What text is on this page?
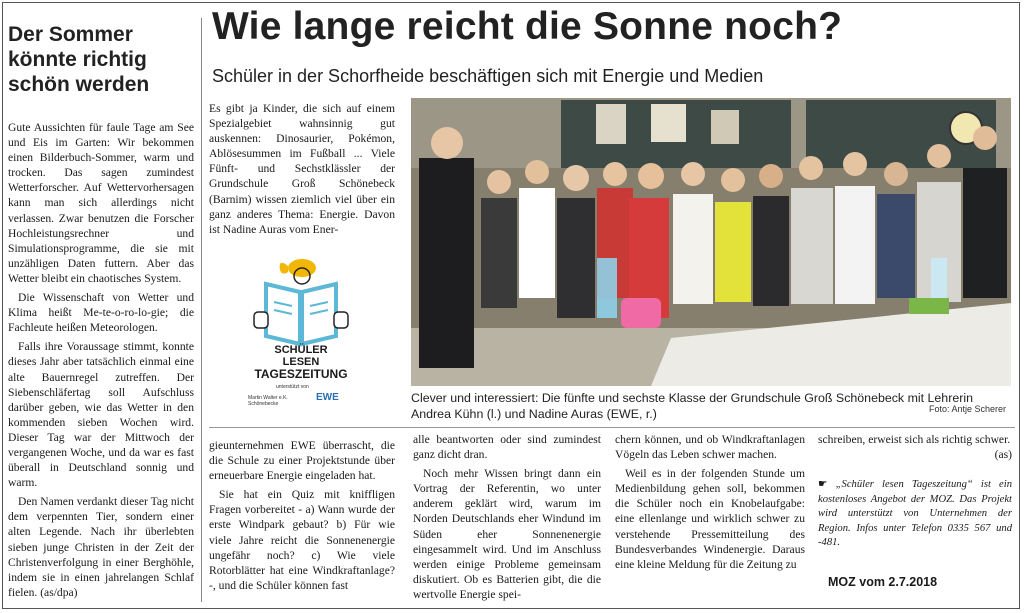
Der Sommer könnte richtig schön werden

Gute Aussichten für faule Tage am See und Eis im Garten: Wir bekommen einen Bilderbuch-Sommer, warm und trocken. Das sagen zumindest Wetterforscher. Auf Wettervorhersagen kann man sich allerdings nicht verlassen. Zwar benutzen die Forscher Hochleistungsrechner und Simulationsprogramme, die sie mit unzähligen Daten futtern. Aber das Wetter bleibt ein chaotisches System.

Die Wissenschaft von Wetter und Klima heißt Me-te-o-ro-lo-gie; die Fachleute heißen Meteorologen.

Falls ihre Voraussage stimmt, konnte dieses Jahr aber tatsächlich einmal eine alte Bauernregel zutreffen. Der Siebenschläfertag soll Aufschluss darüber geben, wie das Wetter in den kommenden sieben Wochen wird. Dieser Tag war der Mittwoch der vergangenen Woche, und da war es fast überall in Deutschland sonnig und warm.

Den Namen verdankt dieser Tag nicht dem verpennten Tier, sondern einer alten Legende. Nach ihr überlebten sieben junge Christen in der Zeit der Christenverfolgung in einer Berghöhle, indem sie in einen jahrelangen Schlaf fielen. (as/dpa)

Wie lange reicht die Sonne noch?
Schüler in der Schorfheide beschäftigen sich mit Energie und Medien
Es gibt ja Kinder, die sich auf einem Spezialgebiet wahnsinnig gut auskennen: Dinosaurier, Pokémon, Ablösesummen im Fußball ... Viele Fünft- und Sechstklässler der Grundschule Groß Schönebeck (Barnim) wissen ziemlich viel über ein ganz anderes Thema: Energie. Davon ist Nadine Auras vom Ener-
SCHÜLER
LESEN
TAGESZEITUNG
unterstützt von
Martin Walter e.K. Schönebecke
EWE	Clever und interessiert: Die fünfte und sechste Klasse der Grundschule Groß Schönebeck mit Lehrerin Andrea Kühn (l.) und Nadine Auras (EWE, r.)	Foto: Antje Scherer

gieunternehmen EWE überrascht, die die Schule zu einer Projektstunde über erneuerbare Energie eingeladen hat.

Sie hat ein Quiz mit kniffligen Fragen vorbereitet - a) Wann wurde der erste Windpark gebaut? b) Für wie viele Jahre reicht die Sonnenenergie ungefähr noch? c) Wie viele Rotorblätter hat eine Windkraftanlage? -, und die Schüler können fast

alle beantworten oder sind zumindest ganz dicht dran.

Noch mehr Wissen bringt dann ein Vortrag der Referentin, wo unter anderem geklärt wird, warum im Norden Deutschlands eher Windund im Süden eher Sonnenenergie eingesammelt wird. Und im Anschluss werden einige Probleme gemeinsam diskutiert. Ob es Batterien gibt, die die wertvolle Energie spei-

chern können, und ob Windkraftanlagen Vögeln das Leben schwer machen.

Weil es in der folgenden Stunde um Medienbildung gehen soll, bekommen die Schüler noch ein Knobelaufgabe: eine ellenlange und wirklich schwer zu verstehende Pressemitteilung des Bundesverbandes Windenergie. Daraus eine kleine Meldung für die Zeitung zu

schreiben, erweist sich als richtig schwer.

(as)

☛ „Schüler lesen Tageszeitung“ ist ein kostenloses Angebot der MOZ. Das Projekt wird unterstützt von Unternehmen der Region. Infos unter Telefon 0335 567 und -481.
MOZ vom 2.7.2018
